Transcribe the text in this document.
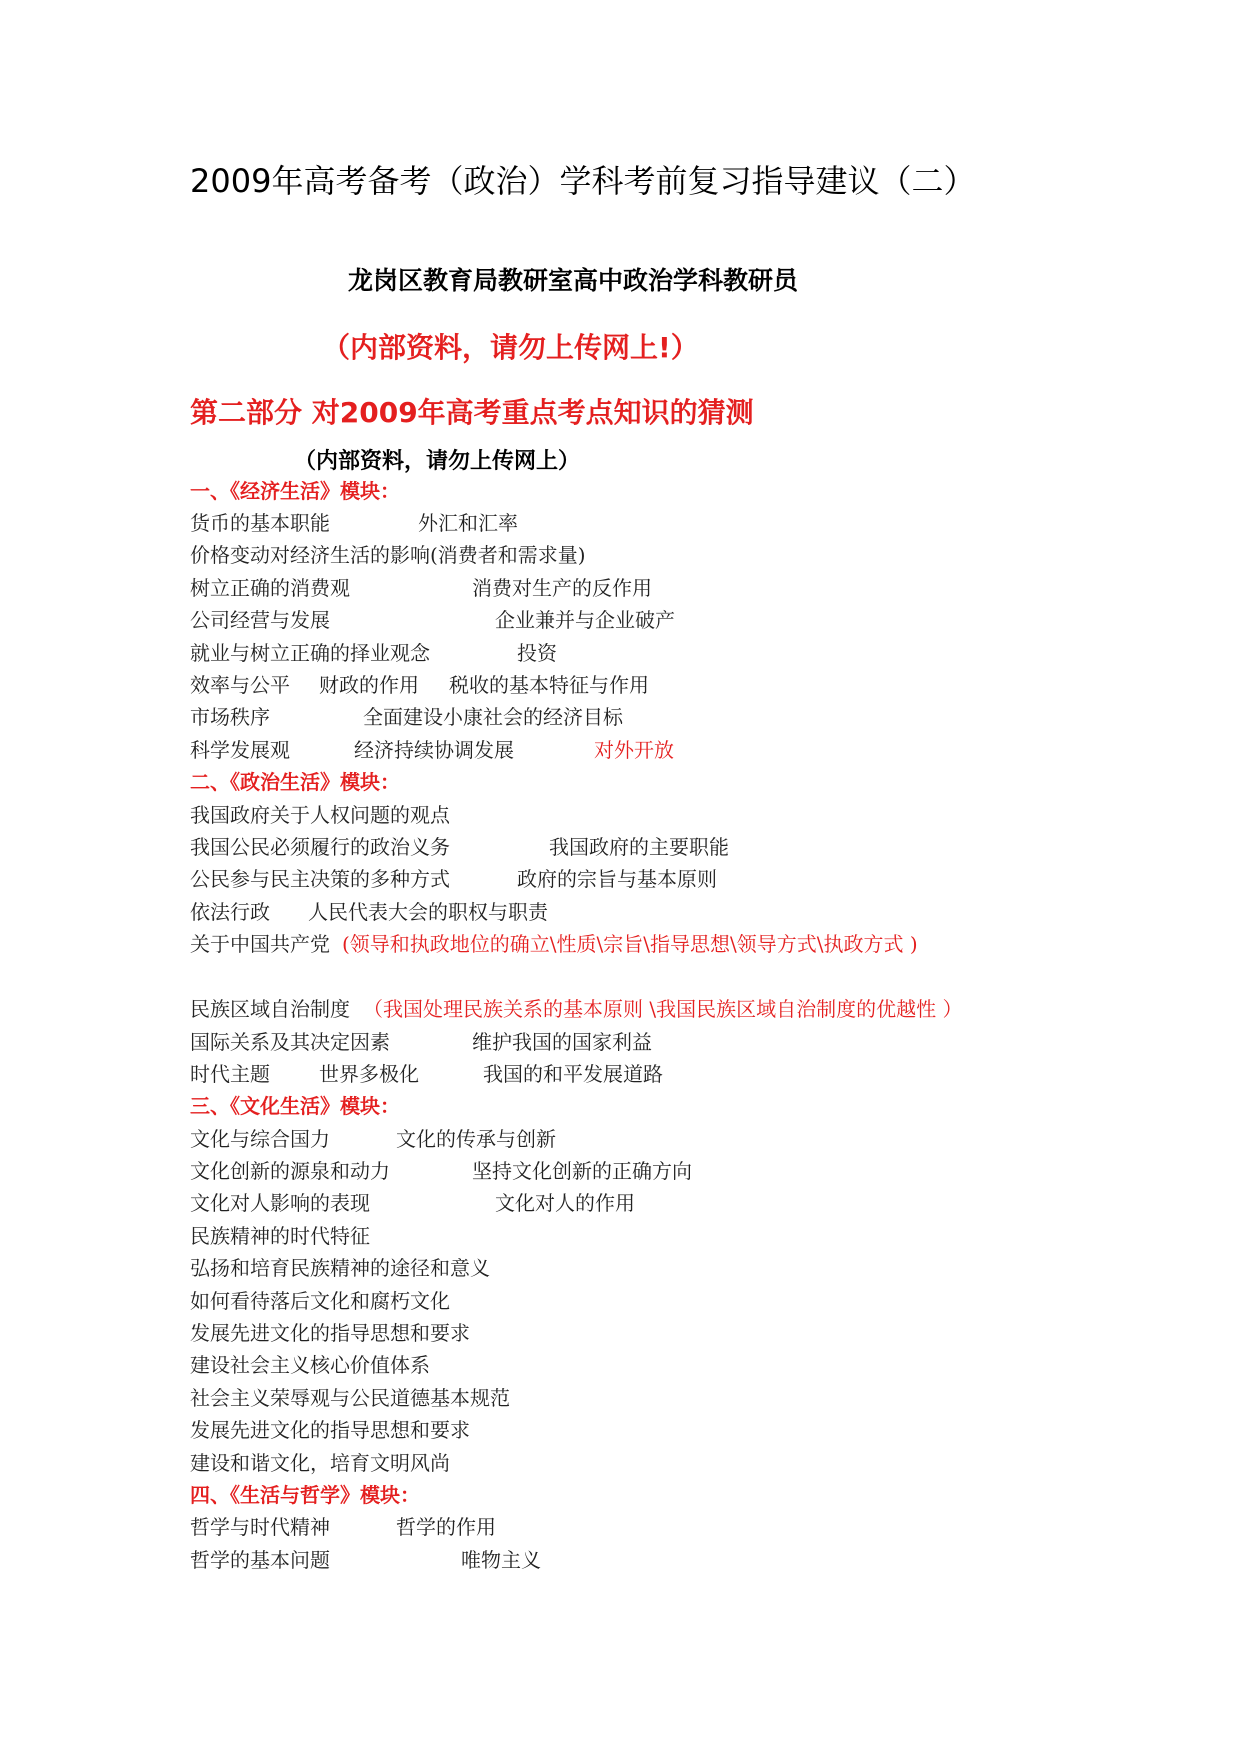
2009年高考备考（政治）学科考前复习指导建议（二）
龙岗区教育局教研室高中政治学科教研员
（内部资料，请勿上传网上!）
第二部分 对2009年高考重点考点知识的猜测
（内部资料，请勿上传网上）
一、《经济生活》模块：
货币的基本职能	外汇和汇率
价格变动对经济生活的影响(消费者和需求量)
树立正确的消费观	消费对生产的反作用
公司经营与发展	企业兼并与企业破产
就业与树立正确的择业观念	投资
效率与公平 财政的作用 税收的基本特征与作用
市场秩序	全面建设小康社会的经济目标
科学发展观	经济持续协调发展	对外开放
二、《政治生活》模块：
我国政府关于人权问题的观点
我国公民必须履行的政治义务	我国政府的主要职能
公民参与民主决策的多种方式	政府的宗旨与基本原则
依法行政 人民代表大会的职权与职责
关于中国共产党 (领导和执政地位的确立\性质\宗旨\指导思想\领导方式\执政方式 )
民族区域自治制度 （我国处理民族关系的基本原则 \我国民族区域自治制度的优越性 ）
国际关系及其决定因素	维护我国的国家利益
时代主题 世界多极化	我国的和平发展道路
三、《文化生活》模块：
文化与综合国力	文化的传承与创新
文化创新的源泉和动力	坚持文化创新的正确方向
文化对人影响的表现	文化对人的作用
民族精神的时代特征
弘扬和培育民族精神的途径和意义
如何看待落后文化和腐朽文化
发展先进文化的指导思想和要求
建设社会主义核心价值体系
社会主义荣辱观与公民道德基本规范
发展先进文化的指导思想和要求
建设和谐文化，培育文明风尚
四、《生活与哲学》模块：
哲学与时代精神	哲学的作用
哲学的基本问题	唯物主义
